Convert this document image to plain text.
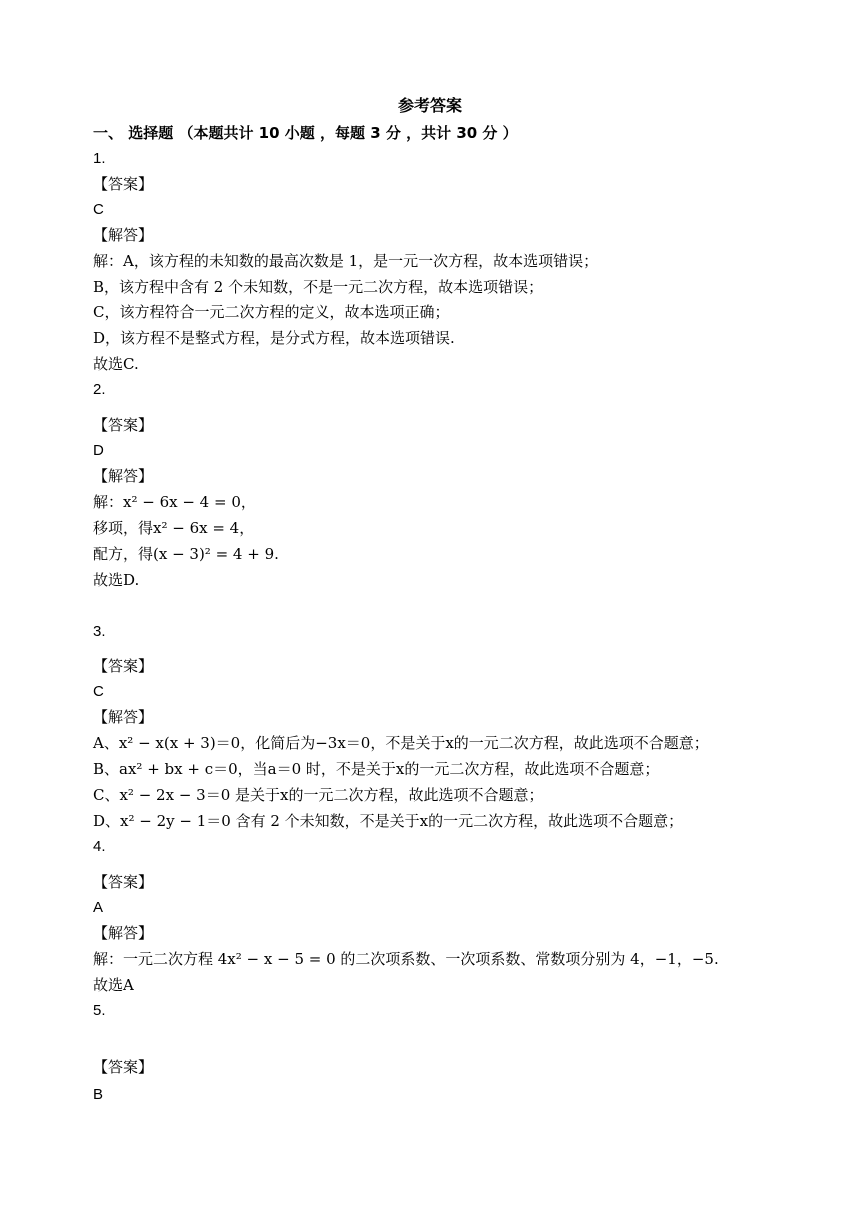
参考答案
一、 选择题 （本题共计 10 小题 ，每题 3 分 ，共计 30 分 ）
1.
【答案】
C
【解答】
解：A，该方程的未知数的最高次数是 1，是一元一次方程，故本选项错误；
B，该方程中含有 2 个未知数，不是一元二次方程，故本选项错误；
C，该方程符合一元二次方程的定义，故本选项正确；
D，该方程不是整式方程，是分式方程，故本选项错误.
故选C.
2.
【答案】
D
【解答】
解：x² − 6x − 4 = 0，
移项，得x² − 6x = 4，
配方，得(x − 3)² = 4 + 9.
故选D.
3.
【答案】
C
【解答】
A、x² − x(x + 3)＝0，化简后为−3x＝0，不是关于x的一元二次方程，故此选项不合题意；
B、ax² + bx + c＝0，当a＝0 时，不是关于x的一元二次方程，故此选项不合题意；
C、x² − 2x − 3＝0 是关于x的一元二次方程，故此选项不合题意；
D、x² − 2y − 1＝0 含有 2 个未知数，不是关于x的一元二次方程，故此选项不合题意；
4.
【答案】
A
【解答】
解：一元二次方程 4x² − x − 5 = 0 的二次项系数、一次项系数、常数项分别为 4，−1，−5.
故选A
5.
【答案】
B
